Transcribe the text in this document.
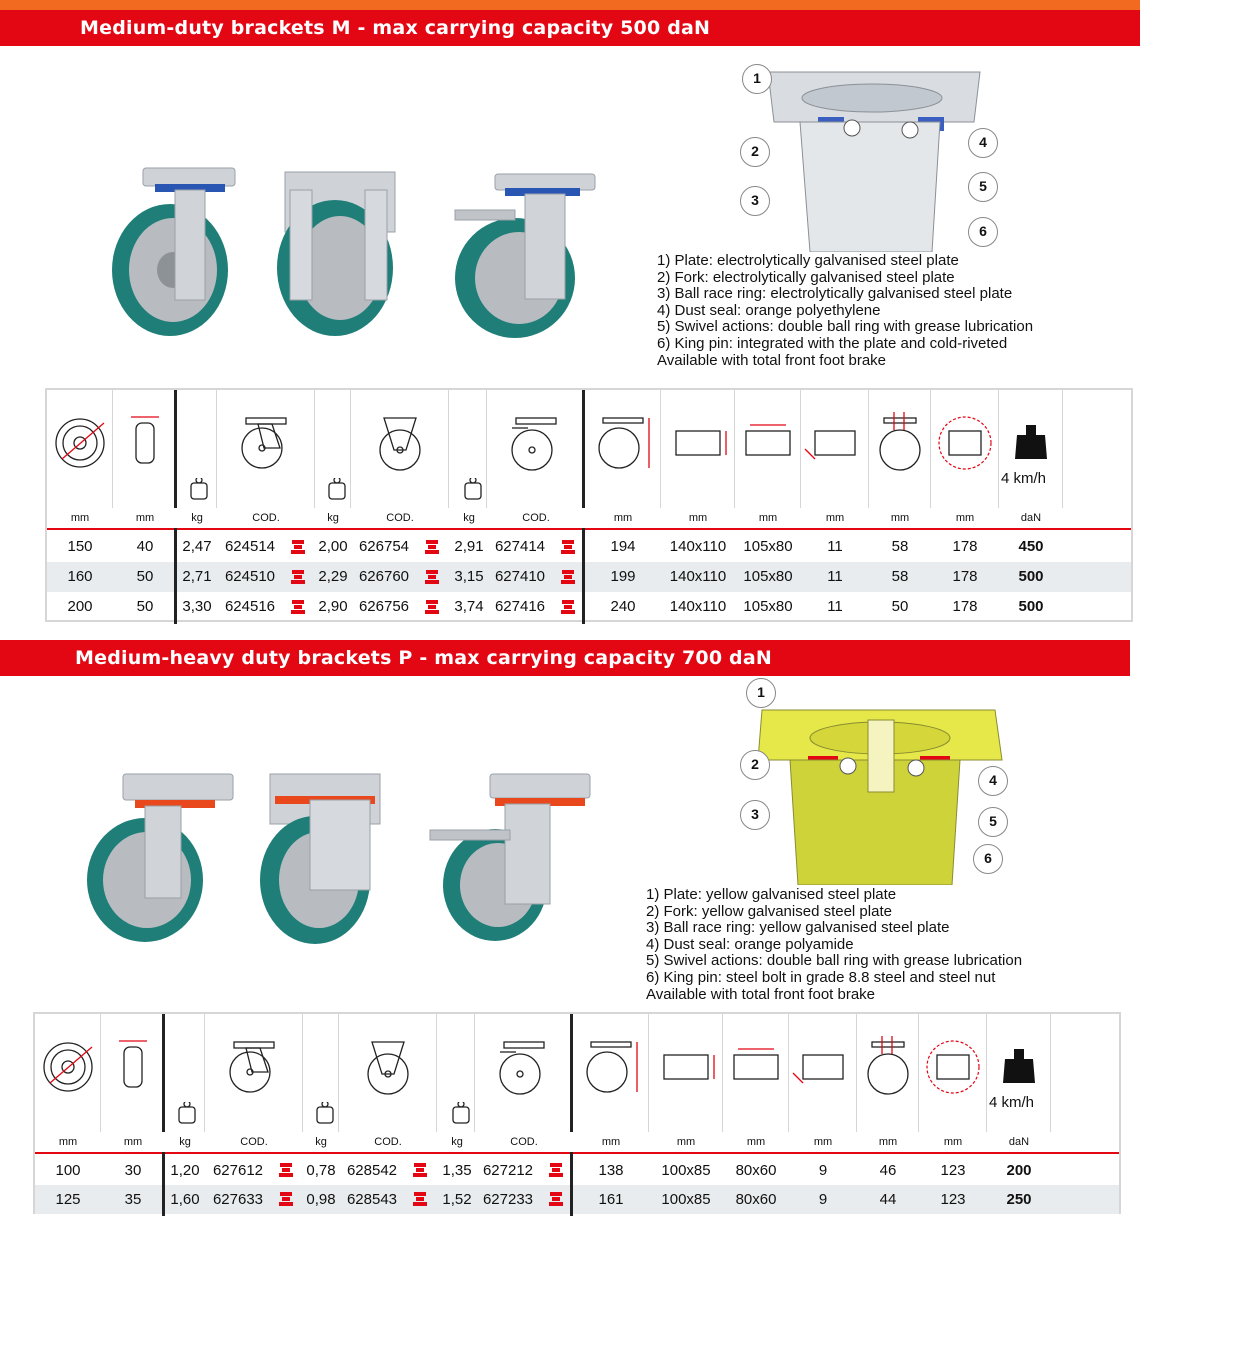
Medium-duty brackets M - max carrying capacity 500 daN
1
2
3
4
5
6
1) Plate: electrolytically galvanised steel plate
2) Fork: electrolytically galvanised steel plate
3) Ball race ring: electrolytically galvanised steel plate
4) Dust seal: orange polyethylene
5) Swivel actions: double ball ring with grease lubrication
6) King pin: integrated with the plate and cold-riveted
Available with total front foot brake
4 km/h
mm	mm	kg	COD.	kg	COD.	kg	COD.	mm	mm	mm	mm	mm	mm	daN
150	40	2,47 624514	2,00 626754	2,91 627414	194	140x110	105x80	11	58	178	450
160	50	2,71 624510	2,29 626760	3,15 627410	199	140x110	105x80	11	58	178	500
200	50	3,30 624516	2,90 626756	3,74 627416	240	140x110	105x80	11	50	178	500
Medium-heavy duty brackets P - max carrying capacity 700 daN
1
2
3
4
5
6
1) Plate: yellow galvanised steel plate
2) Fork: yellow galvanised steel plate
3) Ball race ring: yellow galvanised steel plate
4) Dust seal: orange polyamide
5) Swivel actions: double ball ring with grease lubrication
6) King pin: steel bolt in grade 8.8 steel and steel nut
Available with total front foot brake
4 km/h
mm	mm	kg	COD.	kg	COD.	kg	COD.	mm	mm	mm	mm	mm	mm	daN
100	30	1,20 627612	0,78 628542	1,35 627212	138	100x85	80x60	9	46	123	200
125	35	1,60 627633	0,98 628543	1,52 627233	161	100x85	80x60	9	44	123	250
